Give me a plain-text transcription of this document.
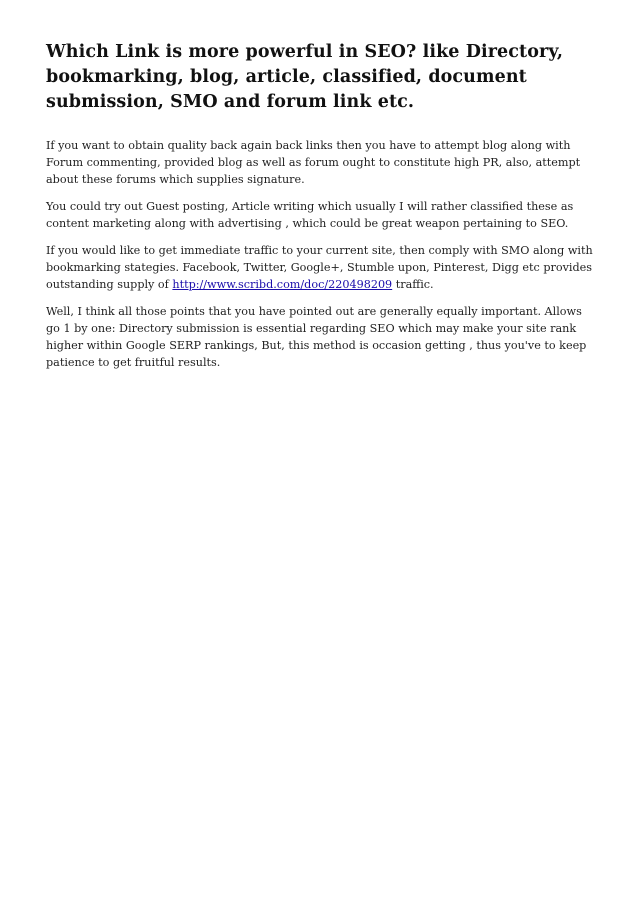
Which Link is more powerful in SEO? like Directory, bookmarking, blog, article, classified, document submission, SMO and forum link etc.

If you want to obtain quality back again back links then you have to attempt blog along with Forum commenting, provided blog as well as forum ought to constitute high PR, also, attempt about these forums which supplies signature.

You could try out Guest posting, Article writing which usually I will rather classified these as content marketing along with advertising , which could be great weapon pertaining to SEO.

If you would like to get immediate traffic to your current site, then comply with SMO along with bookmarking stategies. Facebook, Twitter, Google+, Stumble upon, Pinterest, Digg etc provides outstanding supply of http://www.scribd.com/doc/220498209 traffic.

Well, I think all those points that you have pointed out are generally equally important. Allows go 1 by one: Directory submission is essential regarding SEO which may make your site rank higher within Google SERP rankings, But, this method is occasion getting , thus you've to keep patience to get fruitful results.
